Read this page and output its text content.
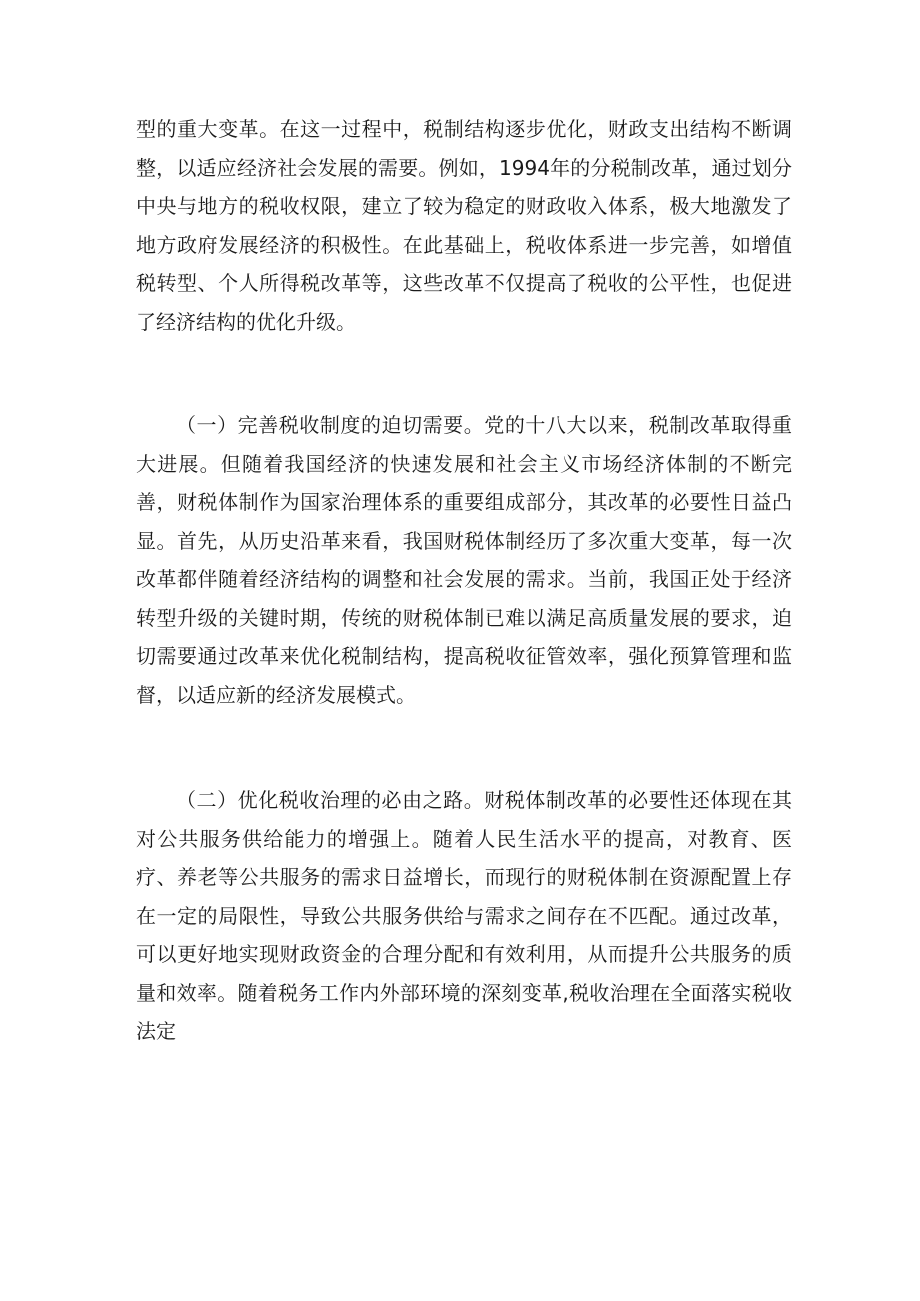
型的重大变革。在这一过程中，税制结构逐步优化，财政支出结构不断调整，以适应经济社会发展的需要。例如，1994年的分税制改革，通过划分中央与地方的税收权限，建立了较为稳定的财政收入体系，极大地激发了地方政府发展经济的积极性。在此基础上，税收体系进一步完善，如增值税转型、个人所得税改革等，这些改革不仅提高了税收的公平性，也促进了经济结构的优化升级。

（一）完善税收制度的迫切需要。党的十八大以来，税制改革取得重大进展。但随着我国经济的快速发展和社会主义市场经济体制的不断完善，财税体制作为国家治理体系的重要组成部分，其改革的必要性日益凸显。首先，从历史沿革来看，我国财税体制经历了多次重大变革，每一次改革都伴随着经济结构的调整和社会发展的需求。当前，我国正处于经济转型升级的关键时期，传统的财税体制已难以满足高质量发展的要求，迫切需要通过改革来优化税制结构，提高税收征管效率，强化预算管理和监督，以适应新的经济发展模式。

（二）优化税收治理的必由之路。财税体制改革的必要性还体现在其对公共服务供给能力的增强上。随着人民生活水平的提高，对教育、医疗、养老等公共服务的需求日益增长，而现行的财税体制在资源配置上存在一定的局限性，导致公共服务供给与需求之间存在不匹配。通过改革，可以更好地实现财政资金的合理分配和有效利用，从而提升公共服务的质量和效率。随着税务工作内外部环境的深刻变革,税收治理在全面落实税收法定
